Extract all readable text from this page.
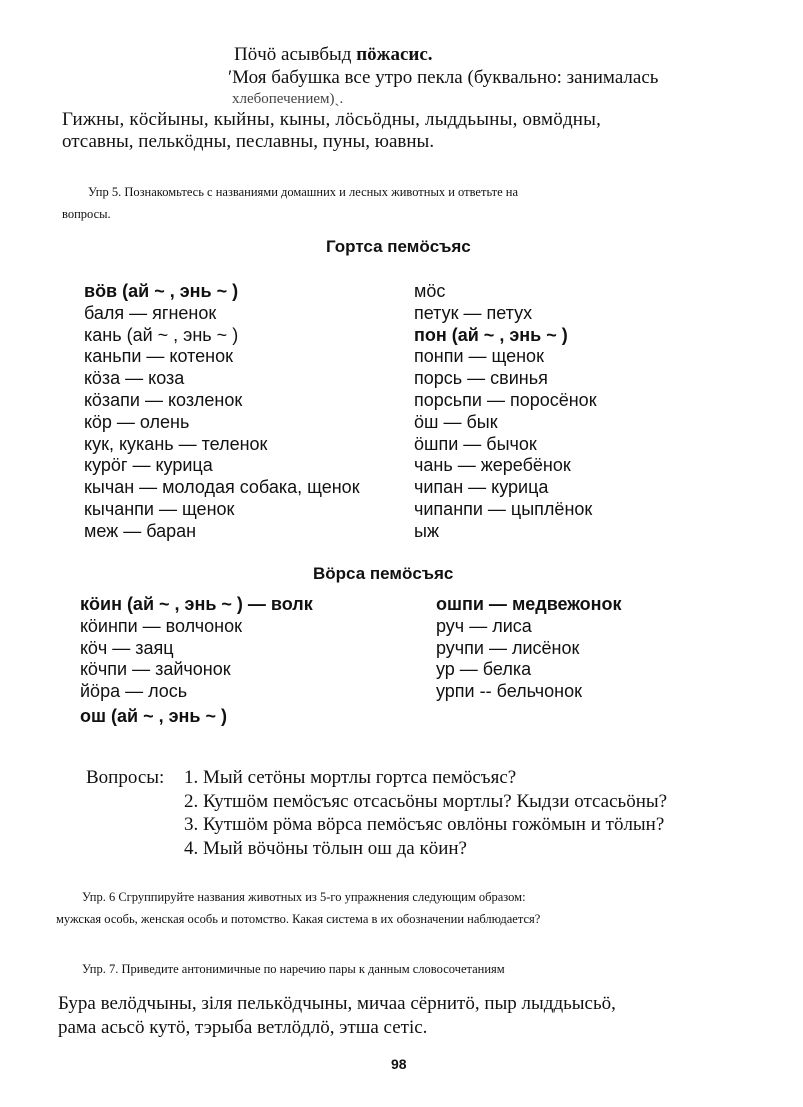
Пöчö асывбыд пöжасис.
ʹМоя бабушка все утро пекла (буквально: занималась
хлебопечением)ˎ.
Гижны, кöсйыны, кыйны, кыны, лöсьöдны, лыддьыны, овмöдны,
отсавны, пелькöдны, пеславны, пуны, юавны.
Упр 5. Познакомьтесь с названиями домашних и лесных животных и ответьте на
вопросы.
Гортса пемöсъяс
вöв (ай ~ , энь ~ )
баля — ягненок
кань (ай ~ , энь ~ )
каньпи — котенок
кöза — коза
кöзапи — козленок
кöр — олень
кук, кукань — теленок
курöг — курица
кычан — молодая собака, щенок
кычанпи — щенок
меж — баран
мöс
петук — петух
пон (ай ~ , энь ~ )
понпи — щенок
порсь — свинья
порсьпи — поросёнок
öш — бык
öшпи — бычок
чань — жеребёнок
чипан — курица
чипанпи — цыплёнок
ыж
Вöрса пемöсъяс
кöин (ай ~ , энь ~ ) — волк
кöинпи — волчонок
кöч — заяц
кöчпи — зайчонок
йöра — лось
ош (ай ~ , энь ~ )
ошпи — медвежонок
руч — лиса
ручпи — лисёнок
ур — белка
урпи -- бельчонок
Вопросы: 1. Мый сетöны мортлы гортса пемöсъяс?
2. Кутшöм пемöсъяс отсасьöны мортлы? Кыдзи отсасьöны?
3. Кутшöм рöма вöрса пемöсъяс овлöны гожöмын и тöлын?
4. Мый вöчöны тöлын ош да кöин?
Упр. 6 Сгруппируйте названия животных из 5-го упражнения следующим образом:
мужская особь, женская особь и потомство. Какая система в их обозначении наблюдается?
Упр. 7. Приведите антонимичные по наречию пары к данным словосочетаниям
Бура велöдчыны, зiля пелькöдчыны, мичаа сёрнитö, пыр лыддьысьö,
рама асьсö кутö, тэрыба ветлöдлö, этша сетiс.
98
